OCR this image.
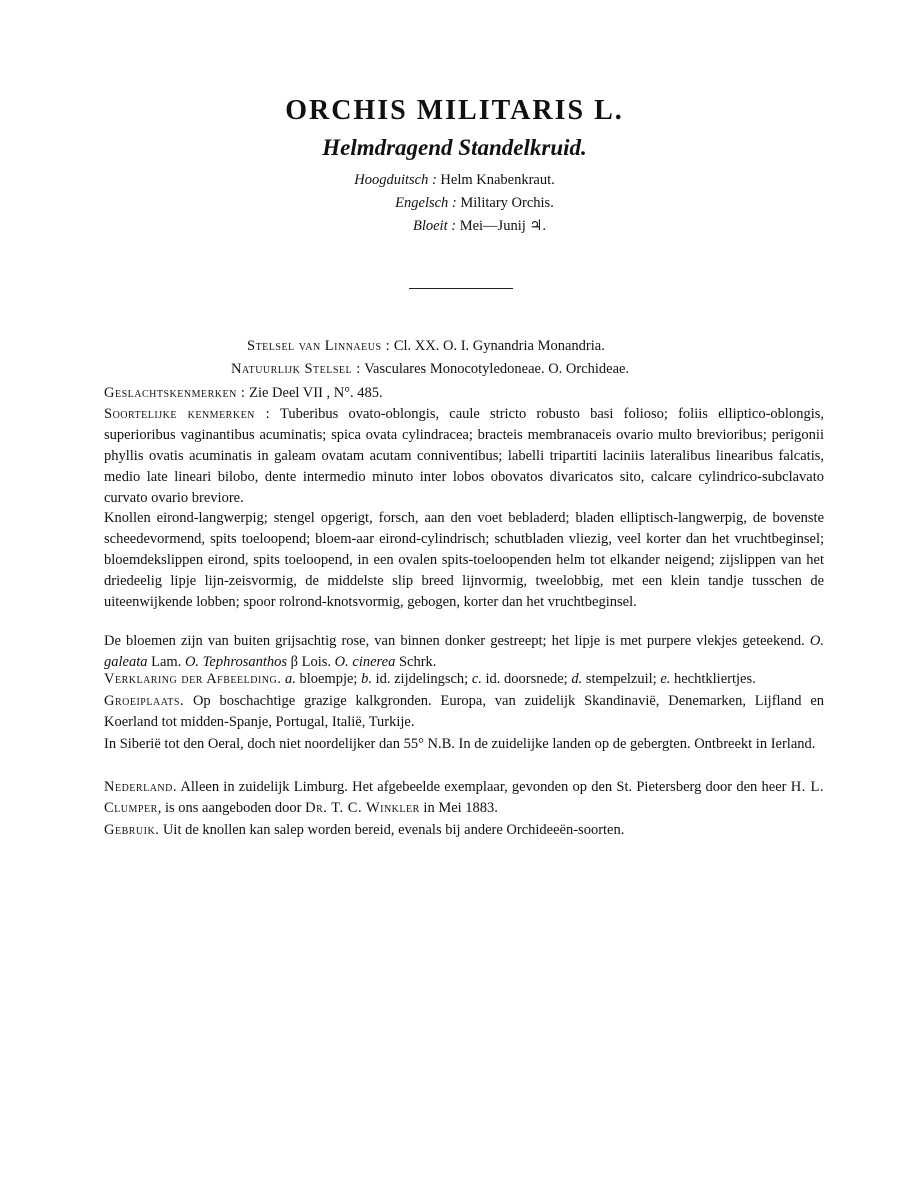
ORCHIS MILITARIS L.
Helmdragend Standelkruid.
Hoogduitsch : Helm Knabenkraut.
Engelsch : Military Orchis.
Bloeit : Mei—Junij ♃.
Stelsel van Linnaeus : Cl. XX. O. I. Gynandria Monandria.
Natuurlijk Stelsel : Vasculares Monocotyledoneae. O. Orchideae.
Geslachtskenmerken : Zie Deel VII , N°. 485.
Soortelijke kenmerken : Tuberibus ovato-oblongis, caule stricto robusto basi folioso; foliis elliptico-oblongis, superioribus vaginantibus acuminatis; spica ovata cylindracea; bracteis membranaceis ovario multo brevioribus; perigonii phyllis ovatis acuminatis in galeam ovatam acutam conniventibus; labelli tripartiti laciniis lateralibus linearibus falcatis, medio late lineari bilobo, dente intermedio minuto inter lobos obovatos divaricatos sito, calcare cylindrico-subclavato curvato ovario breviore.
Knollen eirond-langwerpig; stengel opgerigt, forsch, aan den voet bebladerd; bladen elliptisch-langwerpig, de bovenste scheedevormend, spits toeloopend; bloem-aar eirond-cylindrisch; schutbladen vliezig, veel korter dan het vruchtbeginsel; bloemdekslippen eirond, spits toeloopend, in een ovalen spits-toeloopenden helm tot elkander neigend; zijslippen van het driedeelig lipje lijn-zeisvormig, de middelste slip breed lijnvormig, tweelobbig, met een klein tandje tusschen de uiteenwijkende lobben; spoor rolrond-knotsvormig, gebogen, korter dan het vruchtbeginsel.
De bloemen zijn van buiten grijsachtig rose, van binnen donker gestreept; het lipje is met purpere vlekjes geteekend. O. galeata Lam. O. Tephrosanthos β Lois. O. cinerea Schrk.
Verklaring der Afbeelding. a. bloempje; b. id. zijdelingsch; c. id. doorsnede; d. stempelzuil; e. hechtkliertjes.
Groeiplaats. Op boschachtige grazige kalkgronden. Europa, van zuidelijk Skandinavië, Denemarken, Lijfland en Koerland tot midden-Spanje, Portugal, Italië, Turkije.
In Siberië tot den Oeral, doch niet noordelijker dan 55° N.B. In de zuidelijke landen op de gebergten. Ontbreekt in Ierland.
Nederland. Alleen in zuidelijk Limburg. Het afgebeelde exemplaar, gevonden op den St. Pietersberg door den heer H. L. Clumper, is ons aangeboden door Dr. T. C. Winkler in Mei 1883.
Gebruik. Uit de knollen kan salep worden bereid, evenals bij andere Orchideeën-soorten.
